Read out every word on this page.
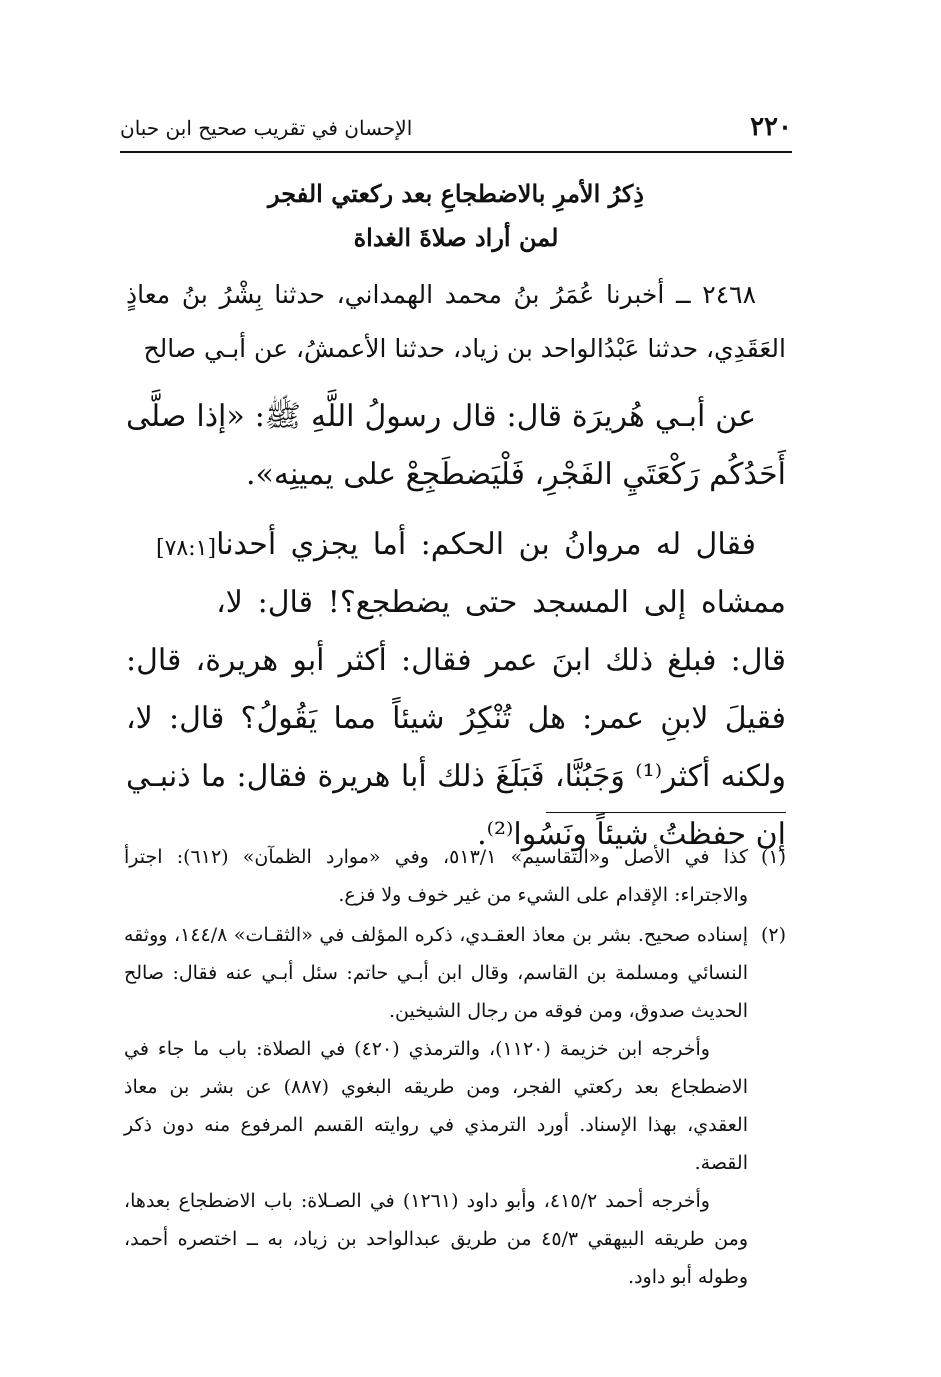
٢٢٠
الإحسان في تقريب صحيح ابن حبان
ذِكرُ الأمرِ بالاضطجاعِ بعد ركعتي الفجر
لمن أراد صلاةَ الغداة

٢٤٦٨ ــ أخبرنا عُمَرُ بنُ محمد الهمداني، حدثنا بِشْرُ بنُ معاذٍ العَقَدِي، حدثنا عَبْدُالواحد بن زياد، حدثنا الأعمشُ، عن أبـي صالح

عن أبـي هُريرَة قال: قال رسولُ اللَّهِ ﷺ: «إذا صلَّى أَحَدُكُم رَكْعَتَيِ الفَجْرِ، فَلْيَضطَجِعْ على يمينِه».

[٧٨:١] فقال له مروانُ بن الحكم: أما يجزي أحدنا ممشاه إلى المسجد حتى يضطجع؟! قال: لا، قال: فبلغ ذلك ابنَ عمر فقال: أكثر أبو هريرة، قال: فقيلَ لابنِ عمر: هل تُنْكِرُ شيئاً مما يَقُولُ؟ قال: لا، ولكنه أكثر⁽¹⁾ وَجَبُنَّا، فَبَلَغَ ذلك أبا هريرة فقال: ما ذنبـي إن حفظتُ شيئاً ونَسُوا⁽²⁾.

(١)

كذا في الأصل و«التقاسيم» ٥١٣/١، وفي «موارد الظمآن» (٦١٢): اجترأ والاجتراء: الإقدام على الشيء من غير خوف ولا فزع.

(٢)

إسناده صحيح. بشر بن معاذ العقـدي، ذكره المؤلف في «الثقـات» ١٤٤/٨، ووثقه النسائي ومسلمة بن القاسم، وقال ابن أبـي حاتم: سئل أبـي عنه فقال: صالح الحديث صدوق، ومن فوقه من رجال الشيخين.

وأخرجه ابن خزيمة (١١٢٠)، والترمذي (٤٢٠) في الصلاة: باب ما جاء في الاضطجاع بعد ركعتي الفجر، ومن طريقه البغوي (٨٨٧) عن بشر بن معاذ العقدي، بهذا الإسناد. أورد الترمذي في روايته القسم المرفوع منه دون ذكر القصة.

وأخرجه أحمد ٤١٥/٢، وأبو داود (١٢٦١) في الصـلاة: باب الاضطجاع بعدها، ومن طريقه البيهقي ٤٥/٣ من طريق عبدالواحد بن زياد، به ــ اختصره أحمد، وطوله أبو داود.
